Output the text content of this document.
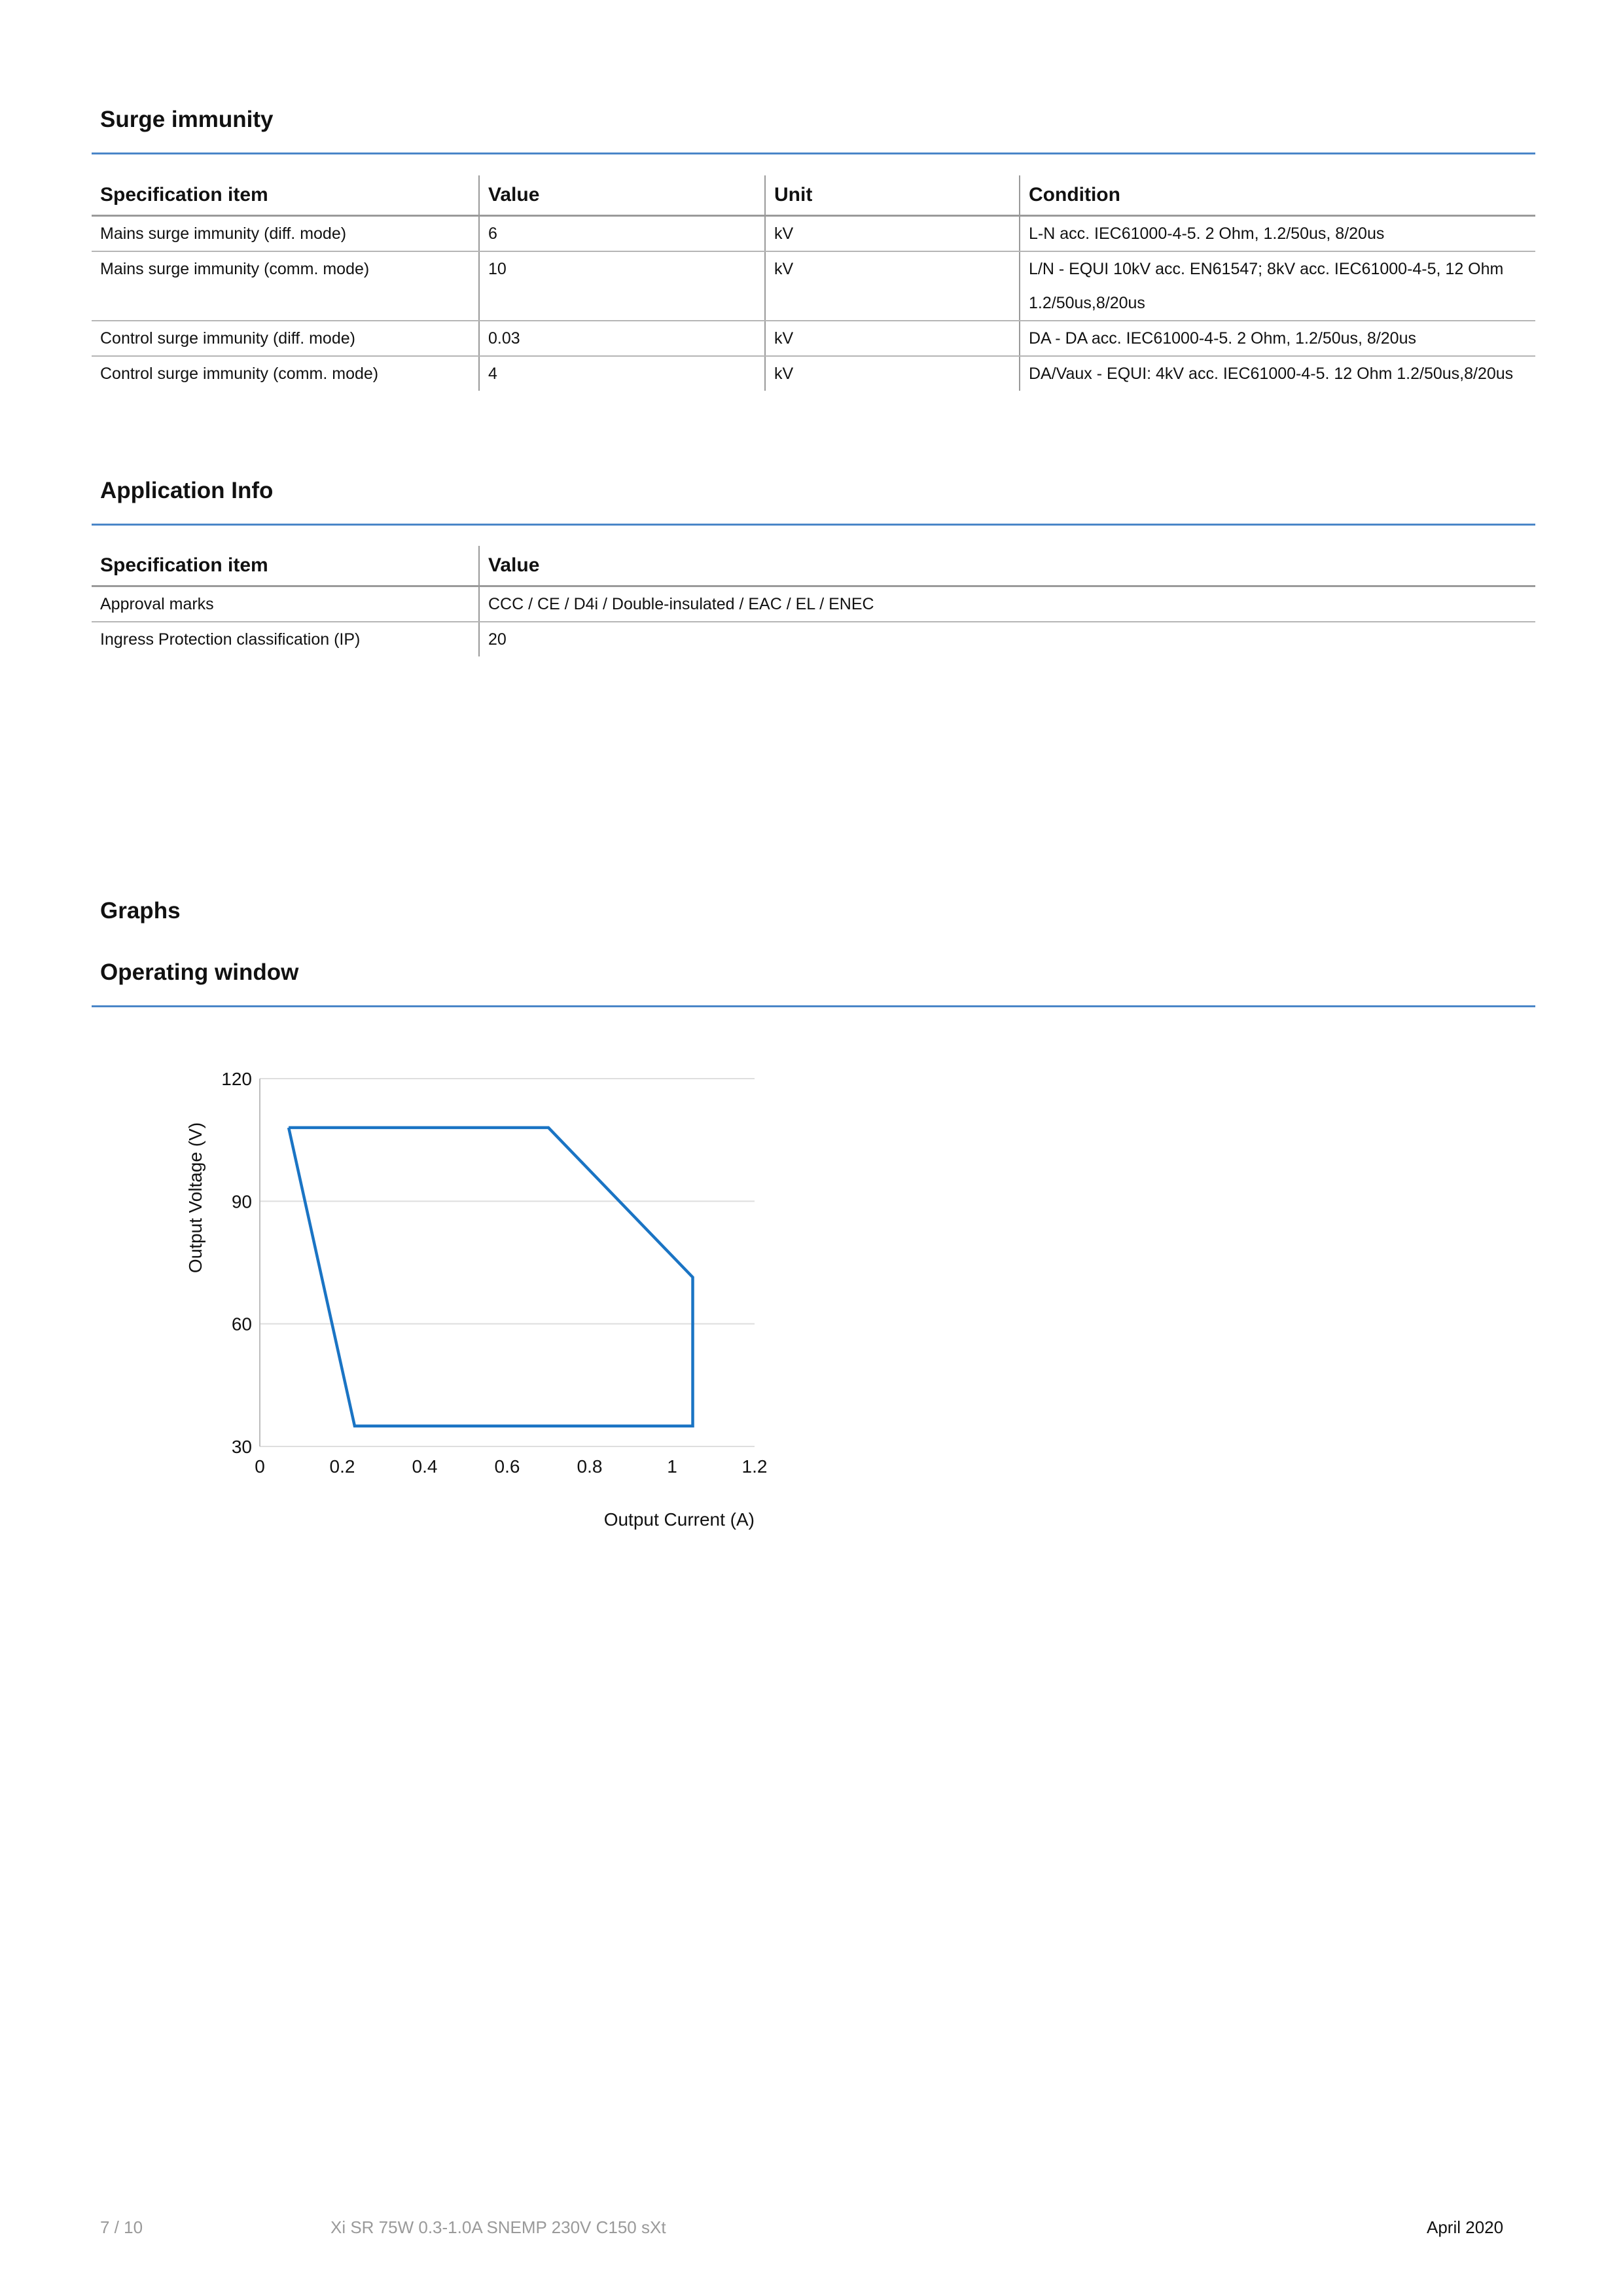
Surge immunity
Specification item	Value	Unit	Condition
Mains surge immunity (diff. mode)	6	kV	L-N acc. IEC61000-4-5. 2 Ohm, 1.2/50us, 8/20us
Mains surge immunity (comm. mode)	10	kV	L/N - EQUI 10kV acc. EN61547; 8kV acc. IEC61000-4-5, 12 Ohm 1.2/50us,8/20us
Control surge immunity (diff. mode)	0.03	kV	DA - DA acc. IEC61000-4-5. 2 Ohm, 1.2/50us, 8/20us
Control surge immunity (comm. mode)	4	kV	DA/Vaux - EQUI: 4kV acc. IEC61000-4-5. 12 Ohm 1.2/50us,8/20us
Application Info
Specification item	Value
Approval marks	CCC / CE / D4i / Double-insulated / EAC / EL / ENEC
Ingress Protection classification (IP)	20
Graphs
Operating window
30
60
90
120
0	0.2	0.4	0.6	0.8	1	1.2
Output Voltage (V)
Output Current (A)
7 / 10	Xi SR 75W 0.3-1.0A SNEMP 230V C150 sXt	April 2020
